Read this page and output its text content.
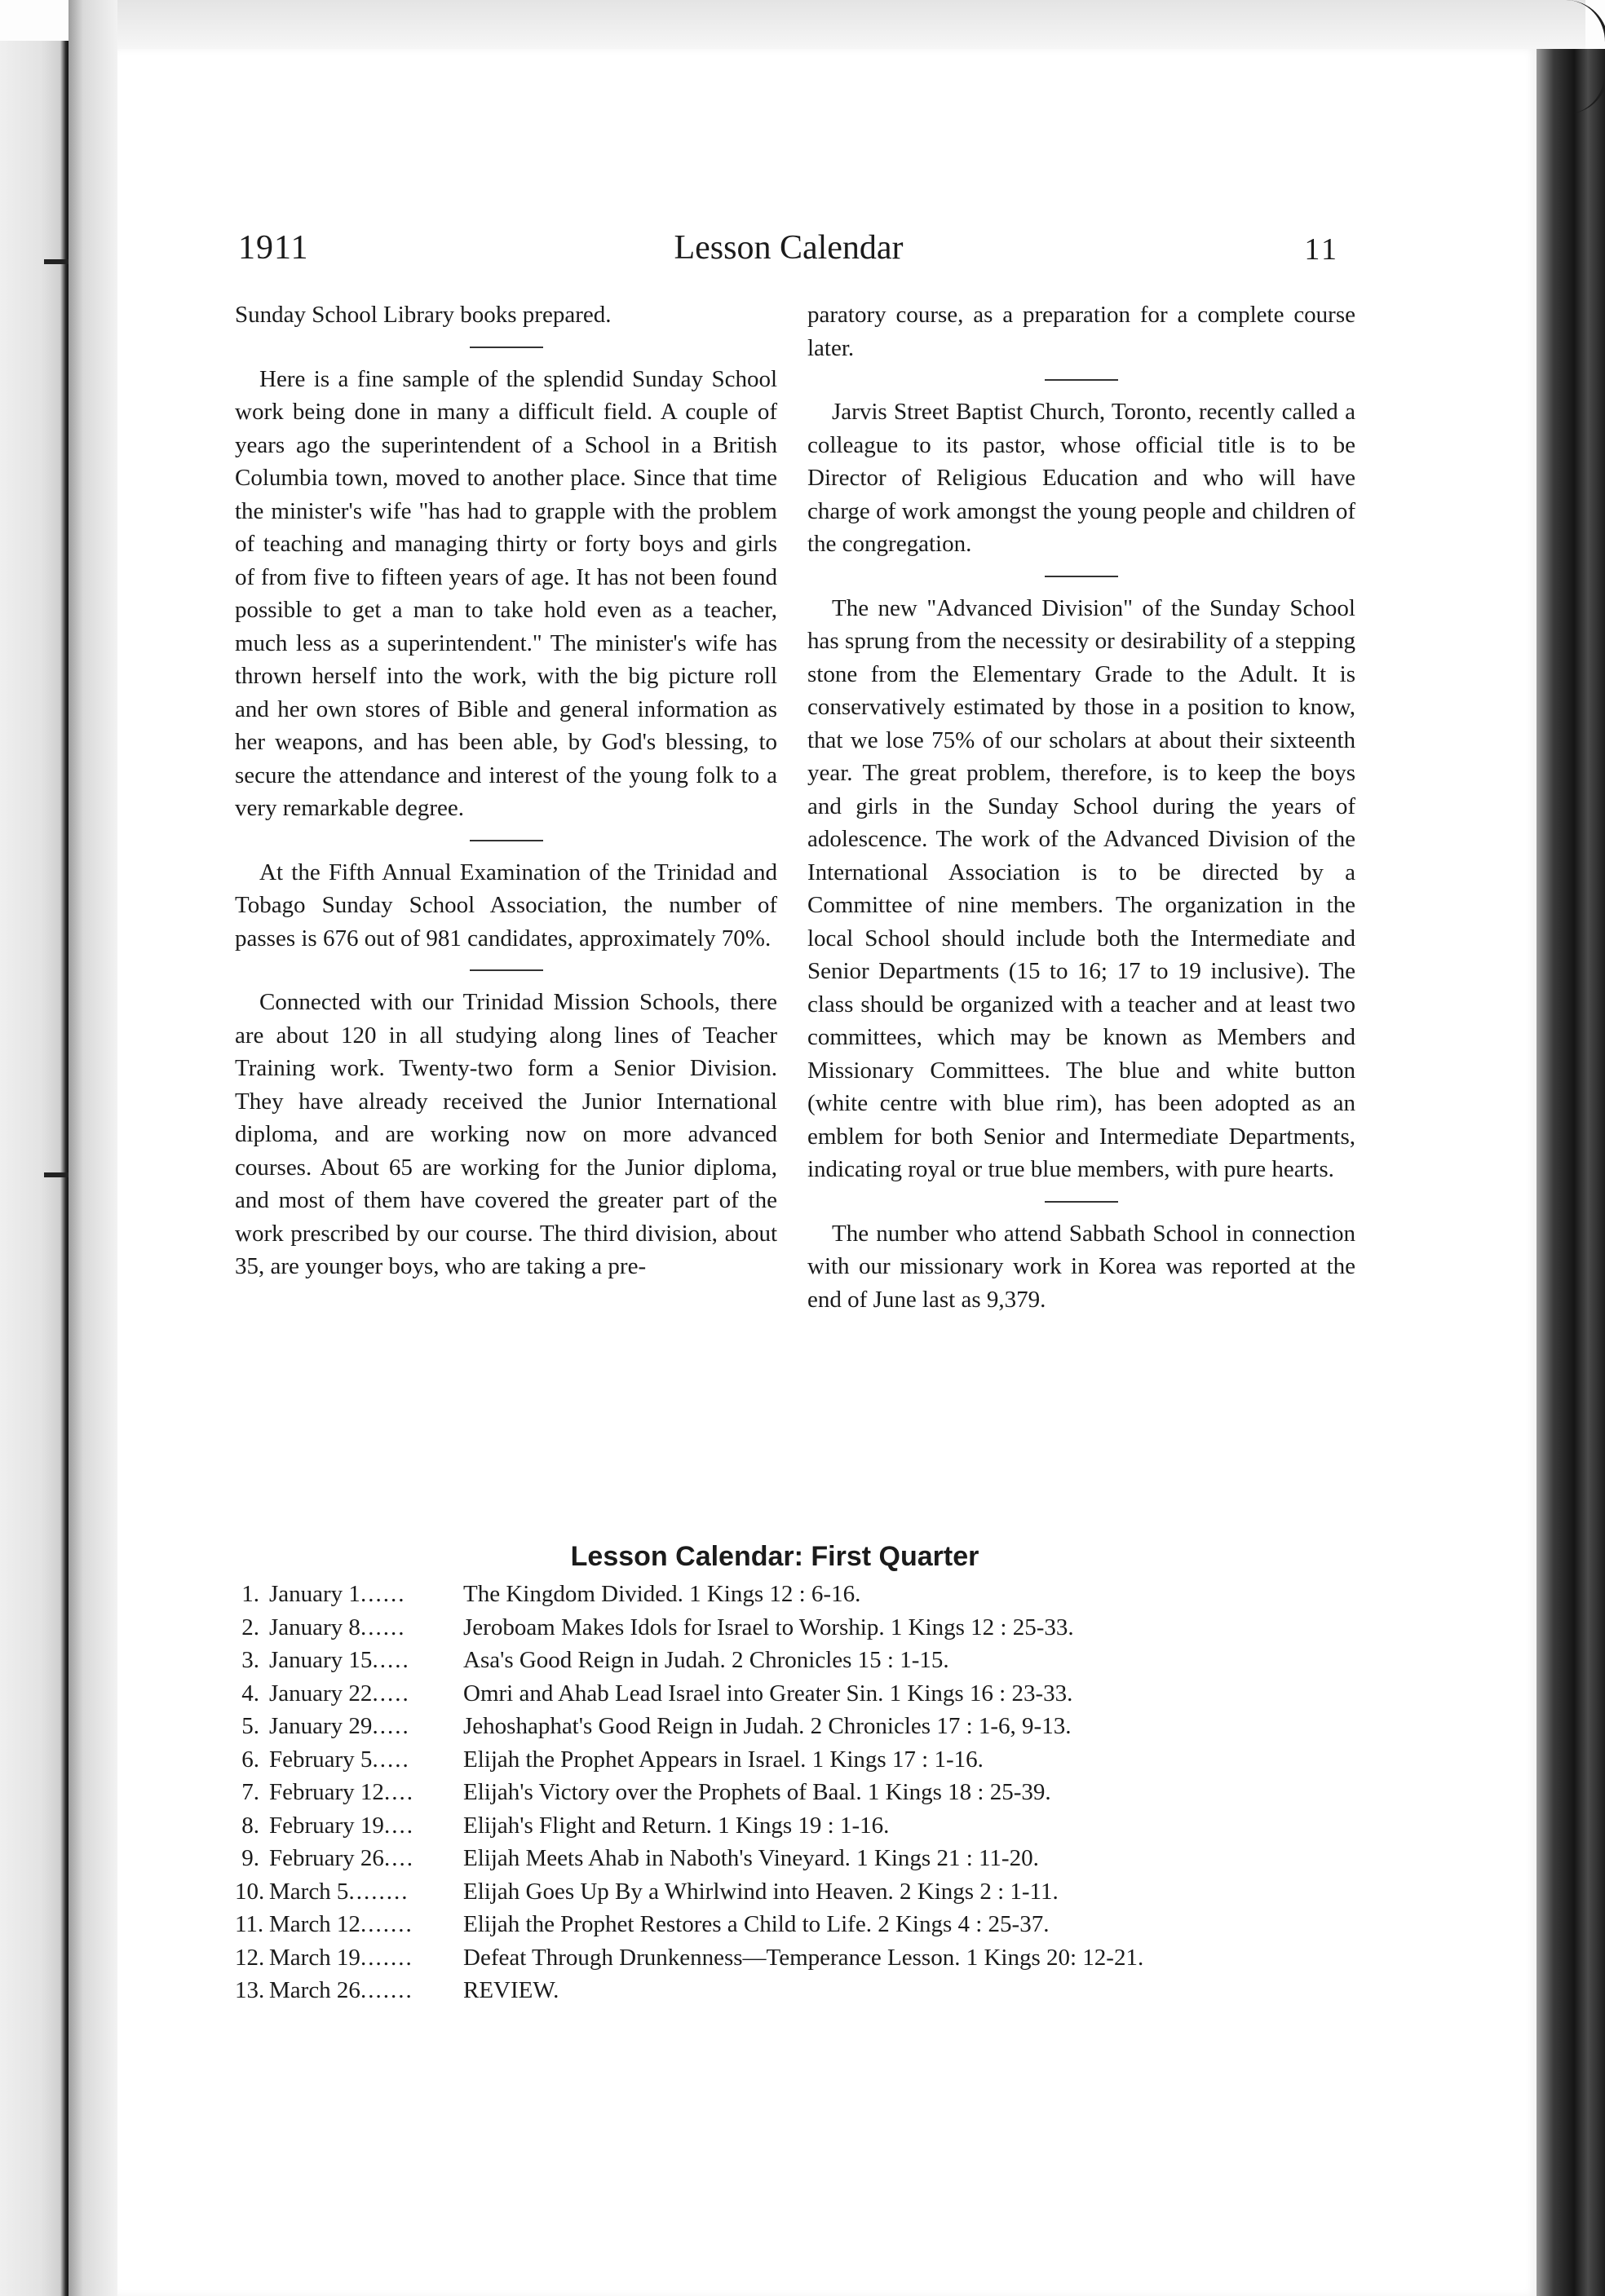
1911	Lesson Calendar	11

Sunday School Library books prepared.

Here is a fine sample of the splendid Sunday School work being done in many a difficult field. A couple of years ago the superintendent of a School in a British Columbia town, moved to another place. Since that time the minister's wife "has had to grapple with the problem of teaching and managing thirty or forty boys and girls of from five to fifteen years of age. It has not been found possible to get a man to take hold even as a teacher, much less as a superintendent." The minister's wife has thrown herself into the work, with the big picture roll and her own stores of Bible and general information as her weapons, and has been able, by God's blessing, to secure the attendance and interest of the young folk to a very remarkable degree.

At the Fifth Annual Examination of the Trinidad and Tobago Sunday School Association, the number of passes is 676 out of 981 candidates, approximately 70%.

Connected with our Trinidad Mission Schools, there are about 120 in all studying along lines of Teacher Training work. Twenty-two form a Senior Division. They have already received the Junior International diploma, and are working now on more advanced courses. About 65 are working for the Junior diploma, and most of them have covered the greater part of the work prescribed by our course. The third division, about 35, are younger boys, who are taking a pre-

paratory course, as a preparation for a complete course later.

Jarvis Street Baptist Church, Toronto, recently called a colleague to its pastor, whose official title is to be Director of Religious Education and who will have charge of work amongst the young people and children of the congregation.

The new "Advanced Division" of the Sunday School has sprung from the necessity or desirability of a stepping stone from the Elementary Grade to the Adult. It is conservatively estimated by those in a position to know, that we lose 75% of our scholars at about their sixteenth year. The great problem, therefore, is to keep the boys and girls in the Sunday School during the years of adolescence. The work of the Advanced Division of the International Association is to be directed by a Committee of nine members. The organization in the local School should include both the Intermediate and Senior Departments (15 to 16; 17 to 19 inclusive). The class should be organized with a teacher and at least two committees, which may be known as Members and Missionary Committees. The blue and white button (white centre with blue rim), has been adopted as an emblem for both Senior and Intermediate Departments, indicating royal or true blue members, with pure hearts.

The number who attend Sabbath School in connection with our missionary work in Korea was reported at the end of June last as 9,379.

Lesson Calendar: First Quarter
1. January 1......	The Kingdom Divided. 1 Kings 12 : 6-16.
2. January 8......	Jeroboam Makes Idols for Israel to Worship. 1 Kings 12 : 25-33.
3. January 15.....	Asa's Good Reign in Judah. 2 Chronicles 15 : 1-15.
4. January 22.....	Omri and Ahab Lead Israel into Greater Sin. 1 Kings 16 : 23-33.
5. January 29.....	Jehoshaphat's Good Reign in Judah. 2 Chronicles 17 : 1-6, 9-13.
6. February 5.....	Elijah the Prophet Appears in Israel. 1 Kings 17 : 1-16.
7. February 12....	Elijah's Victory over the Prophets of Baal. 1 Kings 18 : 25-39.
8. February 19....	Elijah's Flight and Return. 1 Kings 19 : 1-16.
9. February 26....	Elijah Meets Ahab in Naboth's Vineyard. 1 Kings 21 : 11-20.
10. March 5........	Elijah Goes Up By a Whirlwind into Heaven. 2 Kings 2 : 1-11.
11. March 12.......	Elijah the Prophet Restores a Child to Life. 2 Kings 4 : 25-37.
12. March 19.......	Defeat Through Drunkenness—Temperance Lesson. 1 Kings 20: 12-21.
13. March 26.......	REVIEW.
